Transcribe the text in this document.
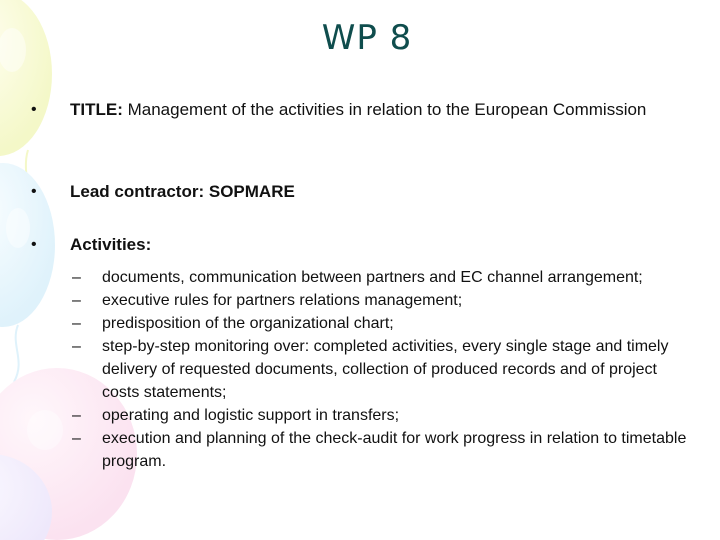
WP 8
• TITLE: Management of the activities in relation to the European Commission
• Lead contractor: SOPMARE
• Activities:
– documents, communication between partners and EC channel arrangement;
– executive rules for partners relations management;
– predisposition of the organizational chart;
– step-by-step monitoring over: completed activities, every single stage and timely delivery of requested documents, collection of produced records and of project costs statements;
– operating and logistic support in transfers;
– execution and planning of the check-audit for work progress in relation to timetable program.
